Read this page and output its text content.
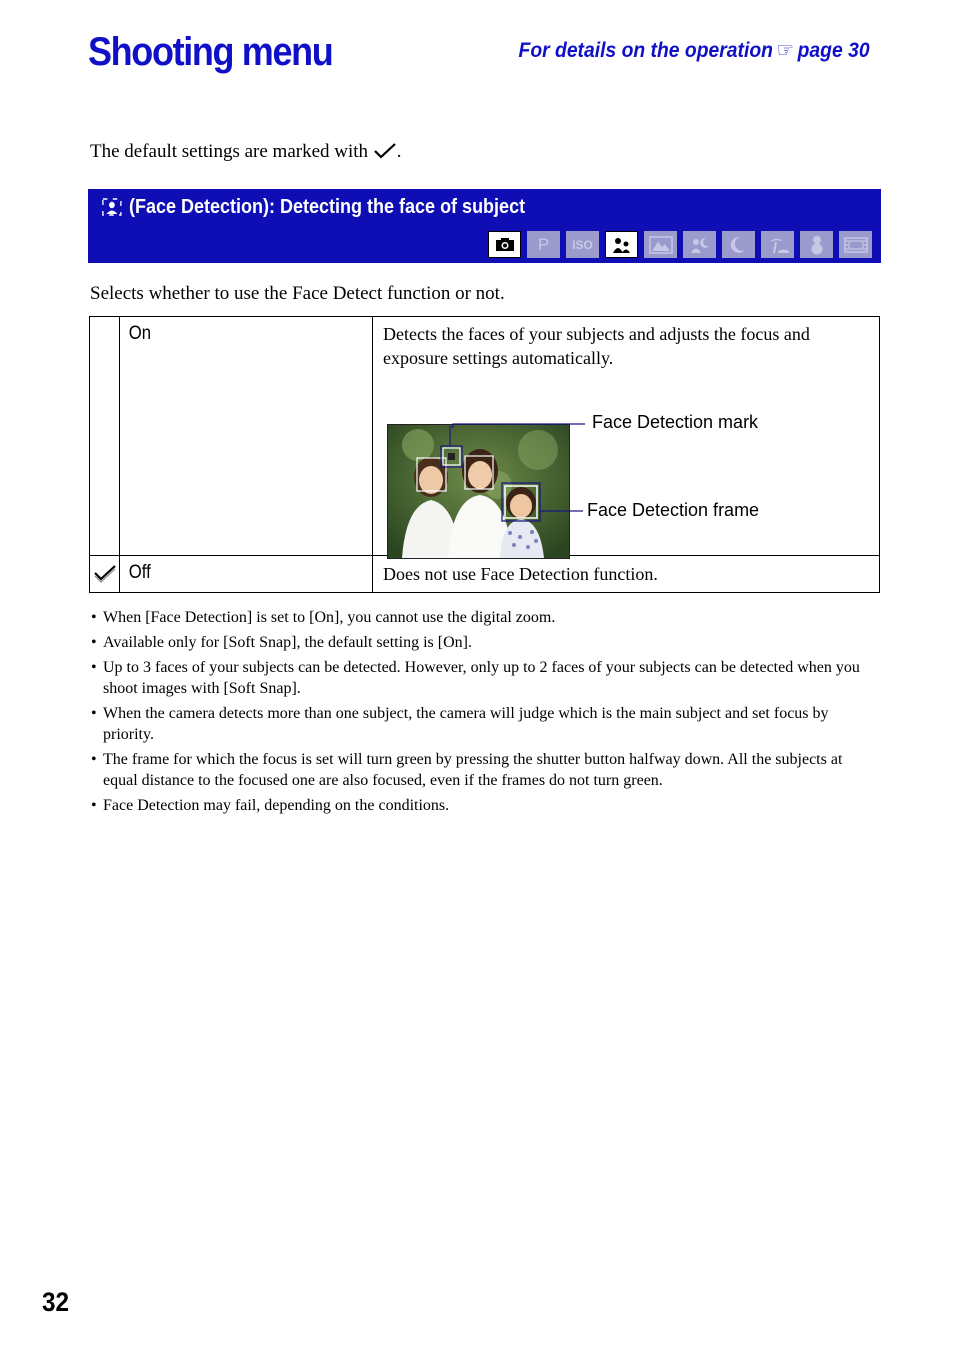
Shooting menu	For details on the operation ☞ page 30
The default settings are marked with .
(Face Detection): Detecting the face of subject
P ISO
Selects whether to use the Face Detect function or not.

	On	Detects the faces of your subjects and adjusts the focus and exposure settings automatically.
Face Detection mark
Face Detection frame

Off	Does not use Face Detection function.
• When [Face Detection] is set to [On], you cannot use the digital zoom.
• Available only for [Soft Snap], the default setting is [On].
• Up to 3 faces of your subjects can be detected. However, only up to 2 faces of your subjects can be detected when you shoot images with [Soft Snap].
• When the camera detects more than one subject, the camera will judge which is the main subject and set focus by priority.
• The frame for which the focus is set will turn green by pressing the shutter button halfway down. All the subjects at equal distance to the focused one are also focused, even if the frames do not turn green.
• Face Detection may fail, depending on the conditions.
32
